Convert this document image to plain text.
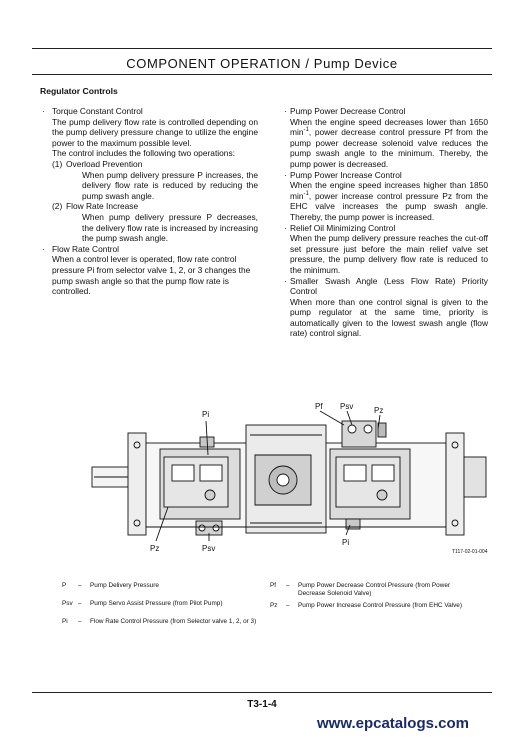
COMPONENT OPERATION / Pump Device
Regulator Controls
· Torque Constant Control

The pump delivery flow rate is controlled depending on the pump delivery pressure change to utilize the engine power to the maximum possible level.

The control includes the following two operations:

(1) Overload Prevention

When pump delivery pressure P increases, the delivery flow rate is reduced by reducing the pump swash angle.

(2) Flow Rate Increase

When pump delivery pressure P decreases, the delivery flow rate is increased by increasing the pump swash angle.

· Flow Rate Control

When a control lever is operated, flow rate control pressure Pi from selector valve 1, 2, or 3 changes the pump swash angle so that the pump flow rate is controlled.

· Pump Power Decrease Control

When the engine speed decreases lower than 1650 $\min^{-1}$, power decrease control pressure Pf from the pump power decrease solenoid valve reduces the pump swash angle to the minimum. Thereby, the pump power is decreased.

· Pump Power Increase Control

When the engine speed increases higher than 1850 $\min^{-1}$, power increase control pressure Pz from the EHC valve increases the pump swash angle. Thereby, the pump power is increased.

· Relief Oil Minimizing Control

When the pump delivery pressure reaches the cut-off set pressure just before the main relief valve set pressure, the pump delivery flow rate is reduced to the minimum.

· Smaller Swash Angle (Less Flow Rate) Priority Control

When more than one control signal is given to the pump regulator at the same time, priority is automatically given to the lowest swash angle (flow rate) control signal.

Pi
Pf Psv	Pz
Pz	Psv
Pi
T117-02-01-004
P – Pump Delivery Pressure
Psv – Pump Servo Assist Pressure (from Pilot Pump)
Pi – Flow Rate Control Pressure (from Selector valve 1, 2, or 3)
Pf – Pump Power Decrease Control Pressure (from Power Decrease Solenoid Valve)
Pz – Pump Power Increase Control Pressure (from EHC Valve)
T3-1-4
www.epcatalogs.com
